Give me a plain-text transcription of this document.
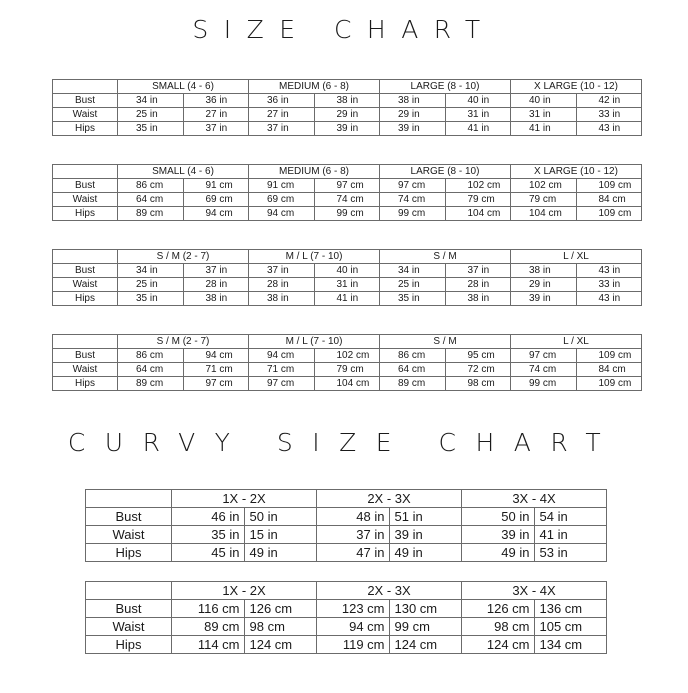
SIZE CHART
	SMALL (4 - 6)		MEDIUM (6 - 8)		LARGE (8 - 10)		X LARGE (10 - 12)	
Bust	34 in	36 in	36 in	38 in	38 in	40 in	40 in	42 in
Waist	25 in	27 in	27 in	29 in	29 in	31 in	31 in	33 in
Hips	35 in	37 in	37 in	39 in	39 in	41 in	41 in	43 in
	SMALL (4 - 6)		MEDIUM (6 - 8)		LARGE (8 - 10)		X LARGE (10 - 12)	
Bust	86 cm	91 cm	91 cm	97 cm	97 cm	102 cm	102 cm	109 cm
Waist	64 cm	69 cm	69 cm	74 cm	74 cm	79 cm	79 cm	84 cm
Hips	89 cm	94 cm	94 cm	99 cm	99 cm	104 cm	104 cm	109 cm
	S / M (2 - 7)		M / L (7 - 10)		S / M		L / XL	
Bust	34 in	37 in	37 in	40 in	34 in	37 in	38 in	43 in
Waist	25 in	28 in	28 in	31 in	25 in	28 in	29 in	33 in
Hips	35 in	38 in	38 in	41 in	35 in	38 in	39 in	43 in
	S / M (2 - 7)		M / L (7 - 10)		S / M		L / XL	
Bust	86 cm	94 cm	94 cm	102 cm	86 cm	95 cm	97 cm	109 cm
Waist	64 cm	71 cm	71 cm	79 cm	64 cm	72 cm	74 cm	84 cm
Hips	89 cm	97 cm	97 cm	104 cm	89 cm	98 cm	99 cm	109 cm
CURVY SIZE CHART
	1X - 2X		2X - 3X		3X - 4X	
Bust	46 in	50 in	48 in	51 in	50 in	54 in
Waist	35 in	15 in	37 in	39 in	39 in	41 in
Hips	45 in	49 in	47 in	49 in	49 in	53 in
	1X - 2X		2X - 3X		3X - 4X	
Bust	116 cm	126 cm	123 cm	130 cm	126 cm	136 cm
Waist	89 cm	98 cm	94 cm	99 cm	98 cm	105 cm
Hips	114 cm	124 cm	119 cm	124 cm	124 cm	134 cm
